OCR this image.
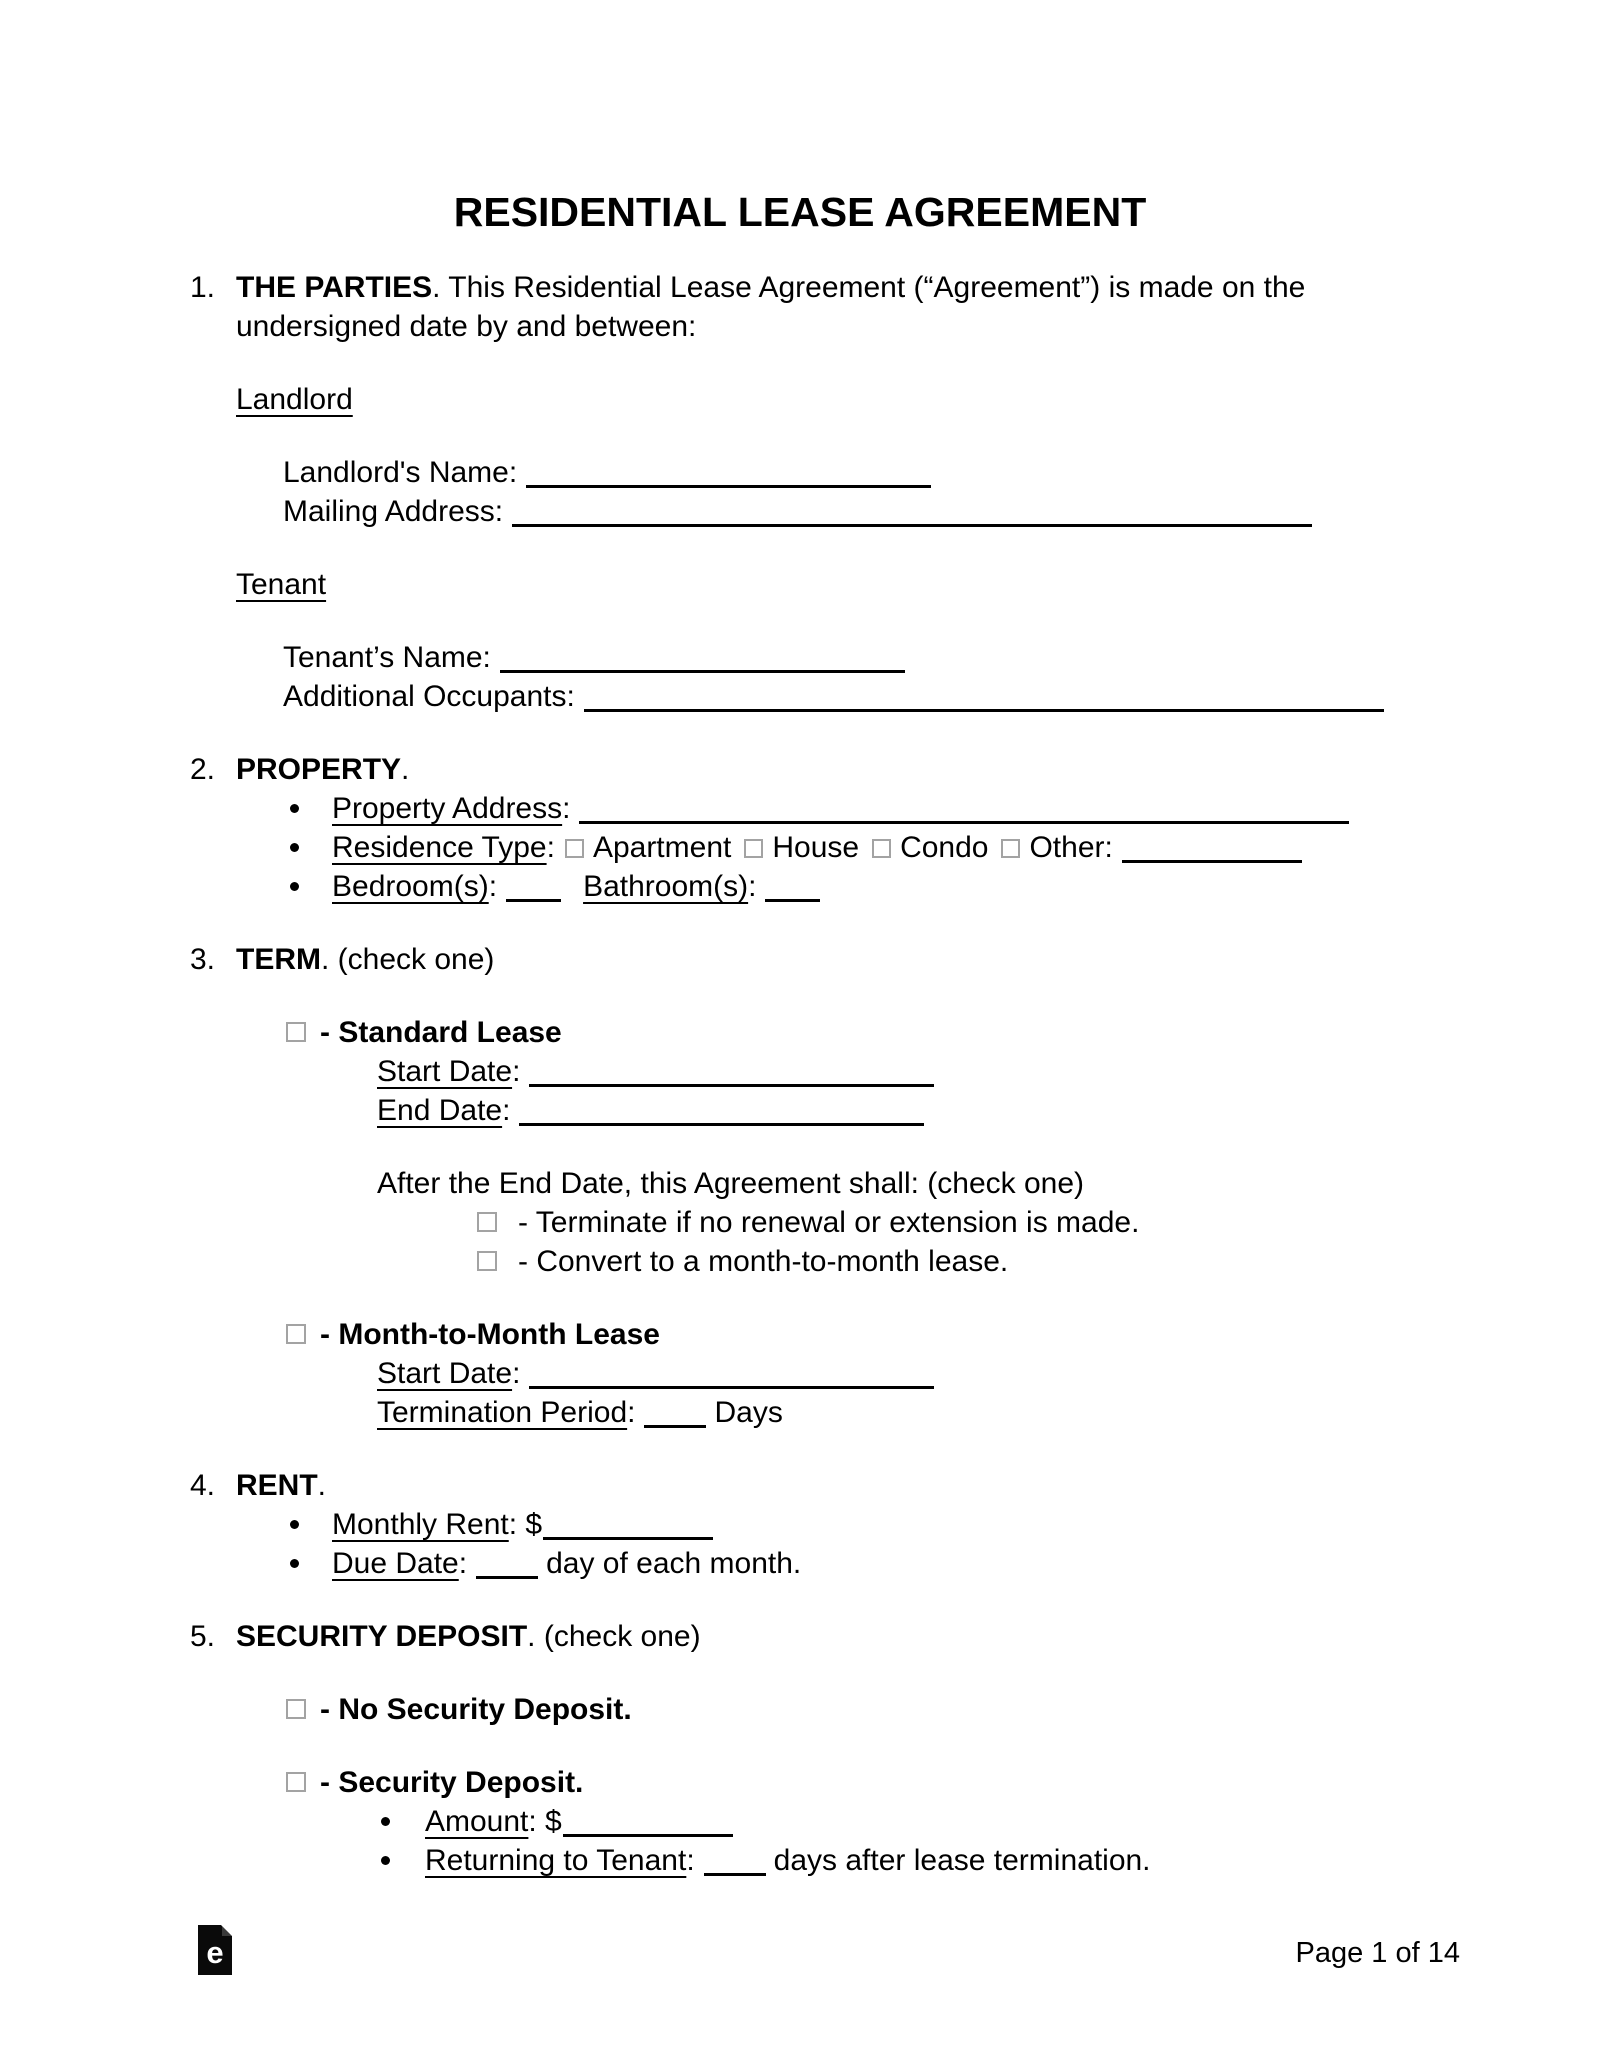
RESIDENTIAL LEASE AGREEMENT
1. THE PARTIES. This Residential Lease Agreement (“Agreement”) is made on the
undersigned date by and between:
Landlord
Landlord's Name:
Mailing Address:
Tenant
Tenant’s Name:
Additional Occupants:
2. PROPERTY.
Property Address:
Residence Type: Apartment House Condo Other:
Bedroom(s):	Bathroom(s):
3. TERM. (check one)
- Standard Lease
Start Date:
End Date:
After the End Date, this Agreement shall: (check one)
- Terminate if no renewal or extension is made.
- Convert to a month-to-month lease.
- Month-to-Month Lease
Start Date:
Termination Period:	Days
4. RENT.
Monthly Rent: $
Due Date:	day of each month.
5. SECURITY DEPOSIT. (check one)
- No Security Deposit.
- Security Deposit.
Amount: $
Returning to Tenant:	days after lease termination.
e	Page 1 of 14
